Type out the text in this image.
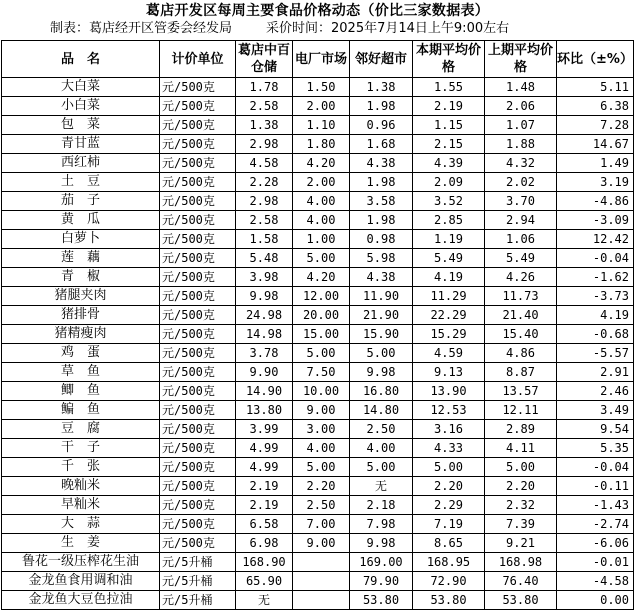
葛店开发区每周主要食品价格动态（价比三家数据表）
制表：葛店经开区管委会经发局	采价时间：2025年7月14日上午9:00左右
品　名	计价单位	葛店中百仓储	电厂市场	邻好超市	本期平均价格	上期平均价格	环比（±%）
大白菜	元/500克	1.78	1.50	1.38	1.55	1.48	5.11
小白菜	元/500克	2.58	2.00	1.98	2.19	2.06	6.38
包　菜	元/500克	1.38	1.10	0.96	1.15	1.07	7.28
青甘蓝	元/500克	2.98	1.80	1.68	2.15	1.88	14.67
西红柿	元/500克	4.58	4.20	4.38	4.39	4.32	1.49
土　豆	元/500克	2.28	2.00	1.98	2.09	2.02	3.19
茄　子	元/500克	2.98	4.00	3.58	3.52	3.70	-4.86
黄　瓜	元/500克	2.58	4.00	1.98	2.85	2.94	-3.09
白萝卜	元/500克	1.58	1.00	0.98	1.19	1.06	12.42
莲　藕	元/500克	5.48	5.00	5.98	5.49	5.49	-0.04
青　椒	元/500克	3.98	4.20	4.38	4.19	4.26	-1.62
猪腿夹肉	元/500克	9.98	12.00	11.90	11.29	11.73	-3.73
猪排骨	元/500克	24.98	20.00	21.90	22.29	21.40	4.19
猪精瘦肉	元/500克	14.98	15.00	15.90	15.29	15.40	-0.68
鸡　蛋	元/500克	3.78	5.00	5.00	4.59	4.86	-5.57
草　鱼	元/500克	9.90	7.50	9.98	9.13	8.87	2.91
鲫　鱼	元/500克	14.90	10.00	16.80	13.90	13.57	2.46
鳊　鱼	元/500克	13.80	9.00	14.80	12.53	12.11	3.49
豆　腐	元/500克	3.99	3.00	2.50	3.16	2.89	9.54
干　子	元/500克	4.99	4.00	4.00	4.33	4.11	5.35
千　张	元/500克	4.99	5.00	5.00	5.00	5.00	-0.04
晚籼米	元/500克	2.19	2.20	无	2.20	2.20	-0.11
早籼米	元/500克	2.19	2.50	2.18	2.29	2.32	-1.43
大　蒜	元/500克	6.58	7.00	7.98	7.19	7.39	-2.74
生　姜	元/500克	6.98	9.00	9.98	8.65	9.21	-6.06
鲁花一级压榨花生油	元/5升桶	168.90		169.00	168.95	168.98	-0.01
金龙鱼食用调和油	元/5升桶	65.90		79.90	72.90	76.40	-4.58
金龙鱼大豆色拉油	元/5升桶	无		53.80	53.80	53.80	0.00
